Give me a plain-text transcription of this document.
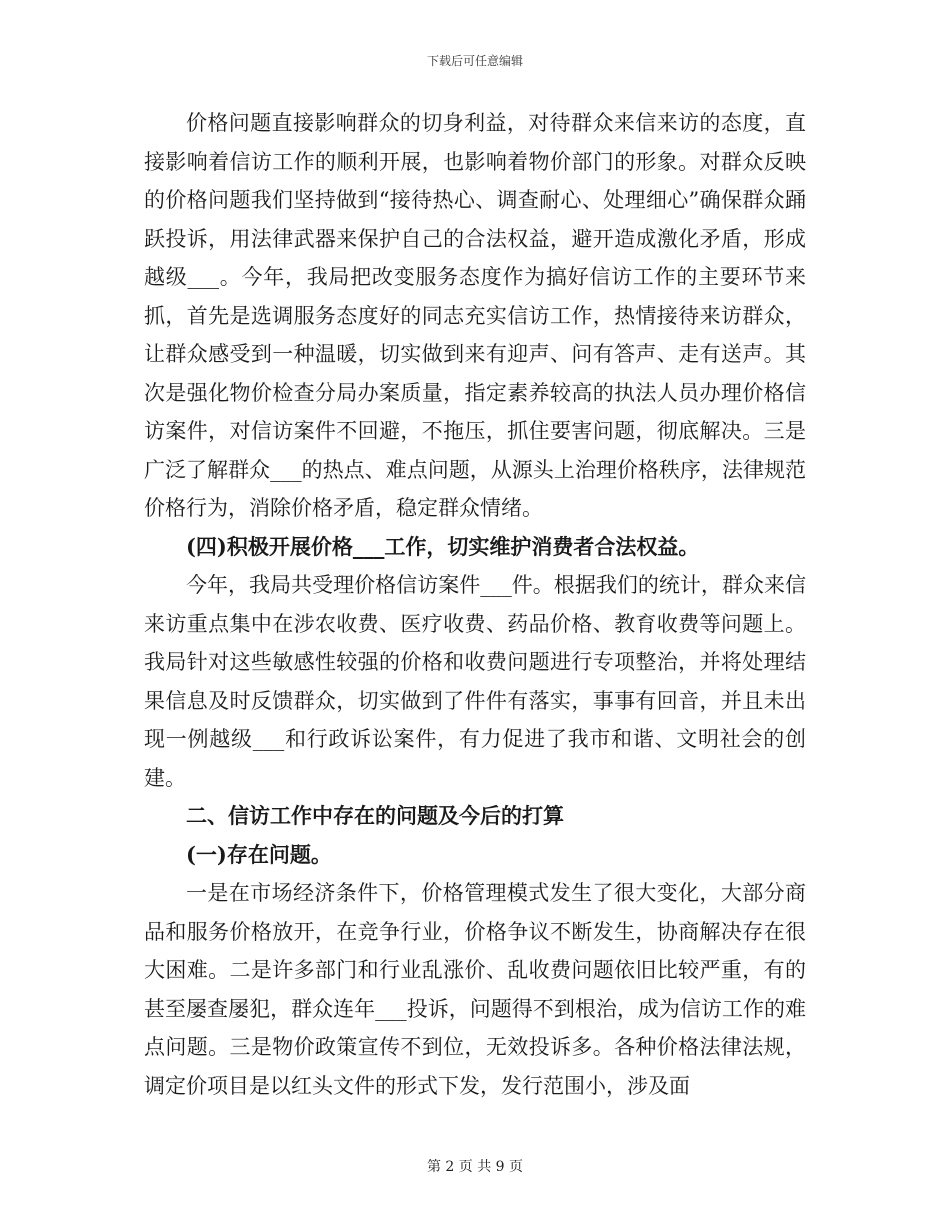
下载后可任意编辑

价格问题直接影响群众的切身利益，对待群众来信来访的态度，直接影响着信访工作的顺利开展，也影响着物价部门的形象。对群众反映的价格问题我们坚持做到“接待热心、调查耐心、处理细心”确保群众踊跃投诉，用法律武器来保护自己的合法权益，避开造成激化矛盾，形成越级___。今年，我局把改变服务态度作为搞好信访工作的主要环节来抓，首先是选调服务态度好的同志充实信访工作，热情接待来访群众，让群众感受到一种温暖，切实做到来有迎声、问有答声、走有送声。其次是强化物价检查分局办案质量，指定素养较高的执法人员办理价格信访案件，对信访案件不回避，不拖压，抓住要害问题，彻底解决。三是广泛了解群众___的热点、难点问题，从源头上治理价格秩序，法律规范价格行为，消除价格矛盾，稳定群众情绪。

(四)积极开展价格___工作，切实维护消费者合法权益。

今年，我局共受理价格信访案件___件。根据我们的统计，群众来信来访重点集中在涉农收费、医疗收费、药品价格、教育收费等问题上。我局针对这些敏感性较强的价格和收费问题进行专项整治，并将处理结果信息及时反馈群众，切实做到了件件有落实，事事有回音，并且未出现一例越级___和行政诉讼案件，有力促进了我市和谐、文明社会的创建。

二、信访工作中存在的问题及今后的打算

(一)存在问题。

一是在市场经济条件下，价格管理模式发生了很大变化，大部分商品和服务价格放开，在竞争行业，价格争议不断发生，协商解决存在很大困难。二是许多部门和行业乱涨价、乱收费问题依旧比较严重，有的甚至屡查屡犯，群众连年___投诉，问题得不到根治，成为信访工作的难点问题。三是物价政策宣传不到位，无效投诉多。各种价格法律法规，调定价项目是以红头文件的形式下发，发行范围小，涉及面

第 2 页 共 9 页
